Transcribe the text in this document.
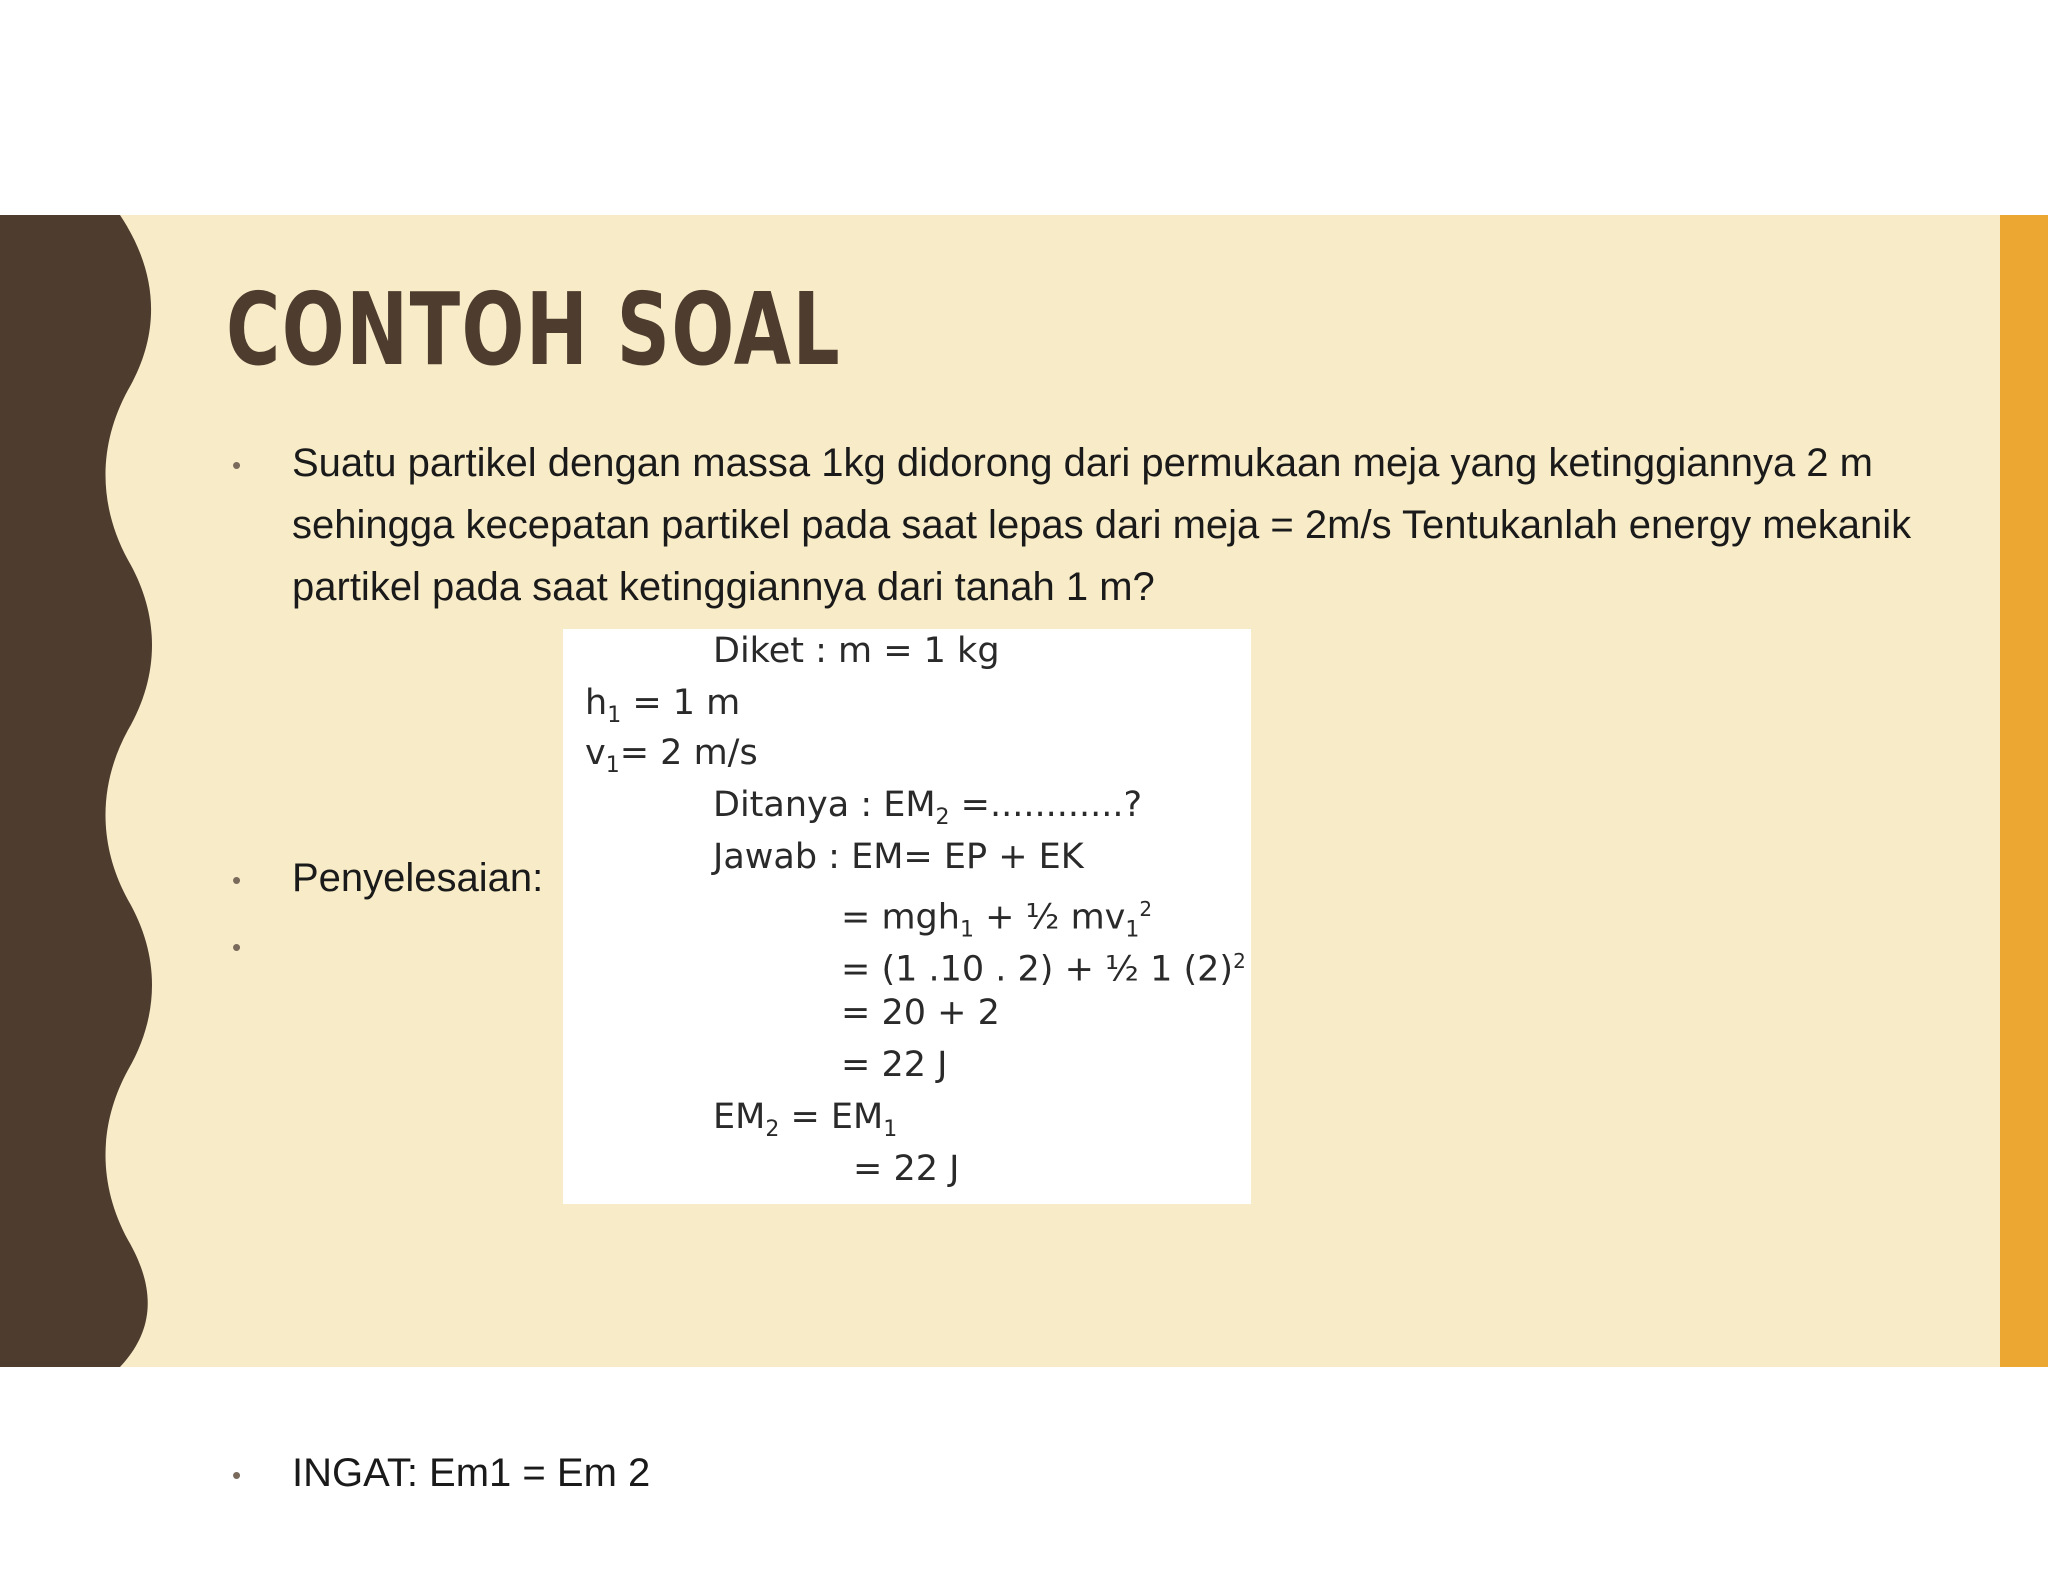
CONTOH SOAL
• Suatu partikel dengan massa 1kg didorong dari permukaan meja yang ketinggiannya 2 m sehingga kecepatan partikel pada saat lepas dari meja = 2m/s Tentukanlah energy mekanik partikel pada saat ketinggiannya dari tanah 1 m?
• Penyelesaian:
•
Diket : m = 1 kg
$h_1 = 1$ m
$v_1= 2$ m/s
Ditanya : $EM_2$ =............?
Jawab : EM= EP + EK
= mgh$_1$ + ½ $mv_1^2$
= (1 .10 . 2) + ½ 1 $(2)^2$
= 20 + 2
= 22 J
$EM_2 = EM_1$
= 22 J
• INGAT: Em1 = Em 2
